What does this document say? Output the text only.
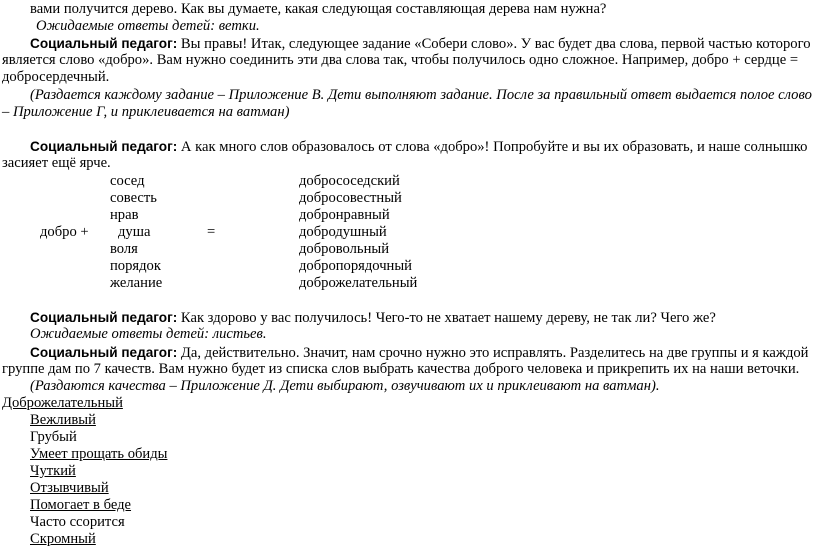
вами получится дерево. Как вы думаете, какая следующая составляющая дерева нам нужна?
Ожидаемые ответы детей: ветки.
Социальный педагог: Вы правы! Итак, следующее задание «Собери слово». У вас будет два слова, первой частью которого
является слово «добро». Вам нужно соединить эти два слова так, чтобы получилось одно сложное. Например, добро + сердце =
добросердечный.
(Раздается каждому задание – Приложение В. Дети выполняют задание. После за правильный ответ выдается полое слово
– Приложение Г, и приклеивается на ватман)
Социальный педагог: А как много слов образовалось от слова «добро»! Попробуйте и вы их образовать, и наше солнышко
засияет ещё ярче.
добро +	=
сосед
совесть
нрав
душа
воля
порядок
желание
добрососедский
добросовестный
добронравный
добродушный
добровольный
добропорядочный
доброжелательный
Социальный педагог: Как здорово у вас получилось! Чего-то не хватает нашему дереву, не так ли? Чего же?
Ожидаемые ответы детей: листьев.
Социальный педагог: Да, действительно. Значит, нам срочно нужно это исправлять. Разделитесь на две группы и я каждой
группе дам по 7 качеств. Вам нужно будет из списка слов выбрать качества доброго человека и прикрепить их на наши веточки.
(Раздаются качества – Приложение Д. Дети выбирают, озвучивают их и приклеивают на ватман).
Доброжелательный
Вежливый
Грубый
Умеет прощать обиды
Чуткий
Отзывчивый
Помогает в беде
Часто ссорится
Скромный
